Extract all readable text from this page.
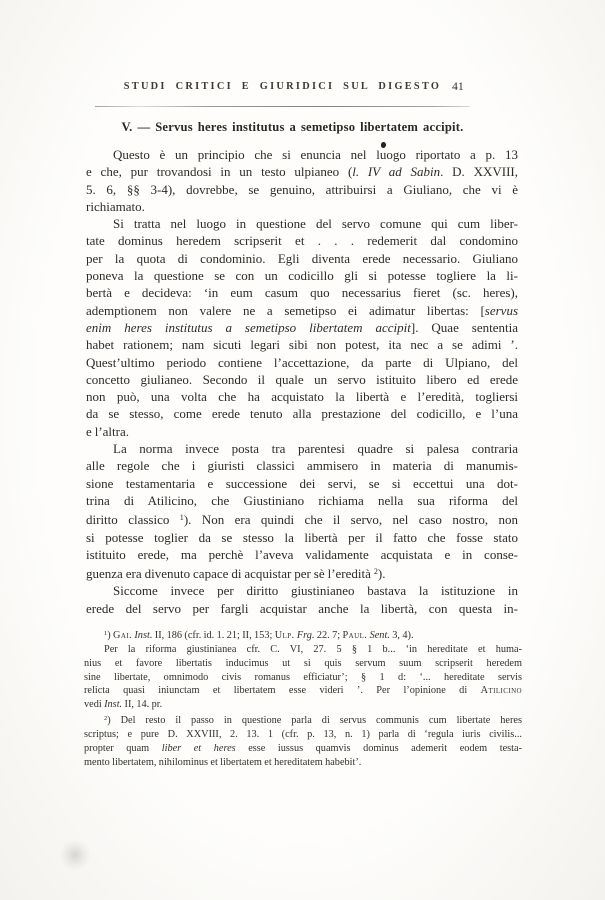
STUDI CRITICI E GIURIDICI SUL DIGESTO 41
V. — Servus heres institutus a semetipso libertatem accipit.
Questo è un principio che si enuncia nel luogo riportato a p. 13
e che, pur trovandosi in un testo ulpianeo (l. IV ad Sabin. D. XXVIII,
5. 6, §§ 3-4), dovrebbe, se genuino, attribuirsi a Giuliano, che vi è
richiamato.
Si tratta nel luogo in questione del servo comune qui cum liber-
tate dominus heredem scripserit et . . . redemerit dal condomino
per la quota di condominio. Egli diventa erede necessario. Giuliano
poneva la questione se con un codicillo gli si potesse togliere la li-
bertà e decideva: ‘in eum casum quo necessarius fieret (sc. heres),
ademptionem non valere ne a semetipso ei adimatur libertas: [servus
enim heres institutus a semetipso libertatem accipit]. Quae sententia
habet rationem; nam sicuti legari sibi non potest, ita nec a se adimi ’.
Quest’ultimo periodo contiene l’accettazione, da parte di Ulpiano, del
concetto giulianeo. Secondo il quale un servo istituito libero ed erede
non può, una volta che ha acquistato la libertà e l’eredità, togliersi
da se stesso, come erede tenuto alla prestazione del codicillo, e l’una
e l’altra.
La norma invece posta tra parentesi quadre si palesa contraria
alle regole che i giuristi classici ammisero in materia di manumis-
sione testamentaria e successione dei servi, se si eccettui una dot-
trina di Atilicino, che Giustiniano richiama nella sua riforma del
diritto classico $^1$). Non era quindi che il servo, nel caso nostro, non
si potesse toglier da se stesso la libertà per il fatto che fosse stato
istituito erede, ma perchè l’aveva validamente acquistata e in conse-
guenza era divenuto capace di acquistar per sè l’eredità $^2$).
Siccome invece per diritto giustinianeo bastava la istituzione in
erede del servo per fargli acquistar anche la libertà, con questa in-
$^1$) Gai. Inst. II, 186 (cfr. id. 1. 21; II, 153; Ulp. Frg. 22. 7; Paul. Sent. 3, 4).
Per la riforma giustinianea cfr. C. VI, 27. 5 § 1 b... ‘in hereditate et huma-
nius et favore libertatis inducimus ut si quis servum suum scripserit heredem
sine libertate, omnimodo civis romanus efficiatur’; § 1 d: ‘... hereditate servis
relicta quasi iniunctam et libertatem esse videri ’. Per l’opinione di Atilicino
vedi Inst. II, 14. pr.
$^2$) Del resto il passo in questione parla di servus communis cum libertate heres
scriptus; e pure D. XXVIII, 2. 13. 1 (cfr. p. 13, n. 1) parla di ‘regula iuris civilis...
propter quam liber et heres esse iussus quamvis dominus ademerit eodem testa-
mento libertatem, nihilominus et libertatem et hereditatem habebit’.
